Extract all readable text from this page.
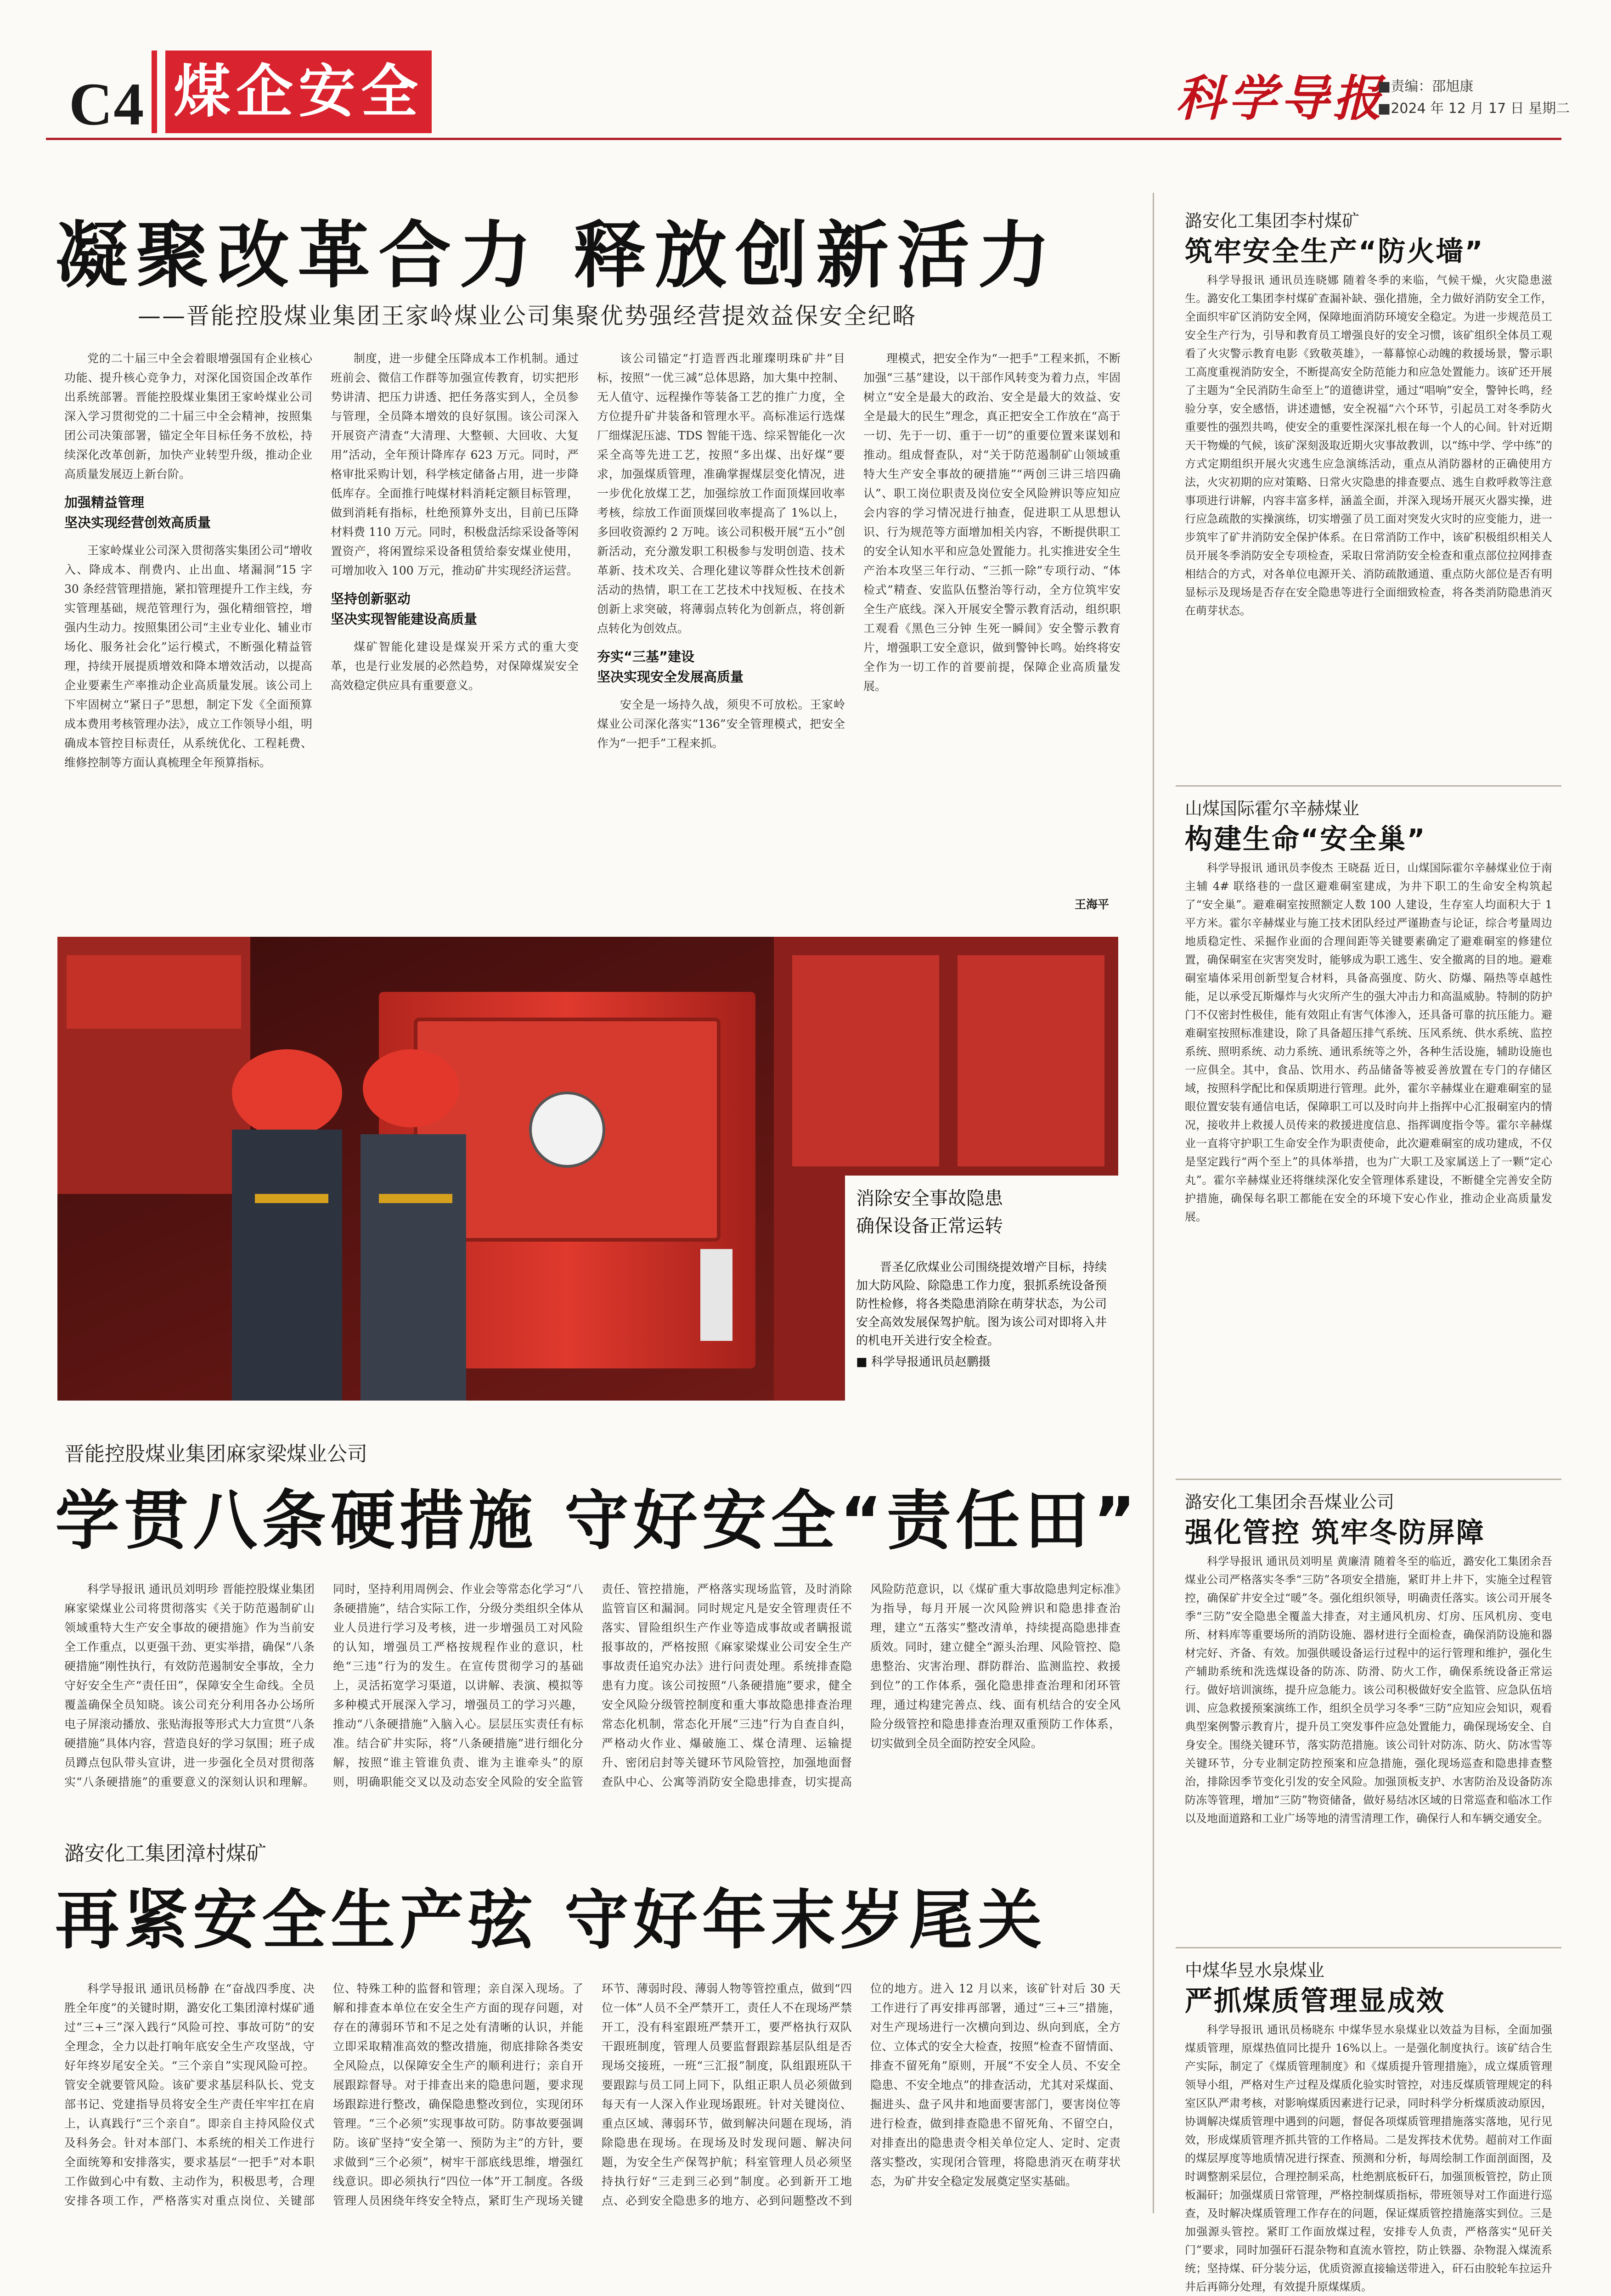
C4 煤企安全	科学导报
■责编：邵旭康
■2024 年 12 月 17 日 星期二
凝聚改革合力 释放创新活力
——晋能控股煤业集团王家岭煤业公司集聚优势强经营提效益保安全纪略

党的二十届三中全会着眼增强国有企业核心功能、提升核心竞争力，对深化国资国企改革作出系统部署。晋能控股煤业集团王家岭煤业公司深入学习贯彻党的二十届三中全会精神，按照集团公司决策部署，锚定全年目标任务不放松，持续深化改革创新，加快产业转型升级，推动企业高质量发展迈上新台阶。

加强精益管理
坚决实现经营创效高质量

王家岭煤业公司深入贯彻落实集团公司“增收入、降成本、削费内、止出血、堵漏洞”15 字 30 条经营管理措施，紧扣管理提升工作主线，夯实管理基础，规范管理行为，强化精细管控，增强内生动力。按照集团公司“主业专业化、辅业市场化、服务社会化”运行模式，不断强化精益管理，持续开展提质增效和降本增效活动，以提高企业要素生产率推动企业高质量发展。该公司上下牢固树立“紧日子”思想，制定下发《全面预算成本费用考核管理办法》，成立工作领导小组，明确成本管控目标责任，从系统优化、工程耗费、维修控制等方面认真梳理全年预算指标。

制度，进一步健全压降成本工作机制。通过班前会、微信工作群等加强宣传教育，切实把形势讲清、把压力讲透、把任务落实到人，全员参与管理，全员降本增效的良好氛围。该公司深入开展资产清查“大清理、大整顿、大回收、大复用”活动，全年预计降库存 623 万元。同时，严格审批采购计划，科学核定储备占用，进一步降低库存。全面推行吨煤材料消耗定额目标管理，做到消耗有指标，杜绝预算外支出，目前已压降材料费 110 万元。同时，积极盘活综采设备等闲置资产，将闲置综采设备租赁给泰安煤业使用，可增加收入 100 万元，推动矿井实现经济运营。

坚持创新驱动
坚决实现智能建设高质量

煤矿智能化建设是煤炭开采方式的重大变革，也是行业发展的必然趋势，对保障煤炭安全高效稳定供应具有重要意义。

该公司锚定“打造晋西北璀璨明珠矿井”目标，按照“一优三减”总体思路，加大集中控制、无人值守、远程操作等装备工艺的推广力度，全方位提升矿井装备和管理水平。高标准运行选煤厂细煤泥压滤、TDS 智能干选、综采智能化一次采全高等先进工艺，按照“多出煤、出好煤”要求，加强煤质管理，准确掌握煤层变化情况，进一步优化放煤工艺，加强综放工作面顶煤回收率考核，综放工作面顶煤回收率提高了 1%以上，多回收资源约 2 万吨。该公司积极开展“五小”创新活动，充分激发职工积极参与发明创造、技术革新、技术攻关、合理化建议等群众性技术创新活动的热情，职工在工艺技术中找短板、在技术创新上求突破，将薄弱点转化为创新点，将创新点转化为创效点。

夯实“三基”建设
坚决实现安全发展高质量

安全是一场持久战，须臾不可放松。王家岭煤业公司深化落实“136”安全管理模式，把安全作为“一把手”工程来抓。

理模式，把安全作为“一把手”工程来抓，不断加强“三基”建设，以干部作风转变为着力点，牢固树立“安全是最大的政治、安全是最大的效益、安全是最大的民生”理念，真正把安全工作放在“高于一切、先于一切、重于一切”的重要位置来谋划和推动。组成督查队，对“关于防范遏制矿山领域重特大生产安全事故的硬措施”“两创三讲三培四确认”、职工岗位职责及岗位安全风险辨识等应知应会内容的学习情况进行抽查，促进职工从思想认识、行为规范等方面增加相关内容，不断提供职工的安全认知水平和应急处置能力。扎实推进安全生产治本攻坚三年行动、“三抓一除”专项行动、“体检式”精查、安监队伍整治等行动，全方位筑牢安全生产底线。深入开展安全警示教育活动，组织职工观看《黑色三分钟 生死一瞬间》安全警示教育片，增强职工安全意识，做到警钟长鸣。始终将安全作为一切工作的首要前提，保障企业高质量发展。

王海平
消除安全事故隐患
确保设备正常运转
晋圣亿欣煤业公司围绕提效增产目标，持续加大防风险、除隐患工作力度，狠抓系统设备预防性检修，将各类隐患消除在萌芽状态，为公司安全高效发展保驾护航。图为该公司对即将入井的机电开关进行安全检查。
■ 科学导报通讯员赵鹏摄
晋能控股煤业集团麻家梁煤业公司
学贯八条硬措施 守好安全“责任田”

科学导报讯 通讯员刘明珍 晋能控股煤业集团麻家梁煤业公司将贯彻落实《关于防范遏制矿山领域重特大生产安全事故的硬措施》作为当前安全工作重点，以更强干劲、更实举措，确保“八条硬措施”刚性执行，有效防范遏制安全事故，全力守好安全生产“责任田”，保障安全生命线。全员覆盖确保全员知晓。该公司充分利用各办公场所电子屏滚动播放、张贴海报等形式大力宣贯“八条硬措施”具体内容，营造良好的学习氛围；班子成员蹲点包队带头宣讲，进一步强化全员对贯彻落实“八条硬措施”的重要意义的深刻认识和理解。同时，坚持利用周例会、作业会等常态化学习“八条硬措施”，结合实际工作，分级分类组织全体从业人员进行学习及考核，进一步增强员工对风险的认知，增强员工严格按规程作业的意识，杜绝“三违”行为的发生。在宣传贯彻学习的基础上，灵活拓宽学习渠道，以讲解、表演、模拟等多种模式开展深入学习，增强员工的学习兴趣，推动“八条硬措施”入脑入心。层层压实责任有标准。结合矿井实际，将“八条硬措施”进行细化分解，按照“谁主管谁负责、谁为主谁牵头”的原则，明确职能交叉以及动态安全风险的安全监管责任、管控措施，严格落实现场监管，及时消除监管盲区和漏洞。同时规定凡是安全管理责任不落实、冒险组织生产作业等造成事故或者瞒报谎报事故的，严格按照《麻家梁煤业公司安全生产事故责任追究办法》进行问责处理。系统排查隐患有力度。该公司按照“八条硬措施”要求，健全安全风险分级管控制度和重大事故隐患排查治理常态化机制，常态化开展“三违”行为自查自纠，严格动火作业、爆破施工、煤仓清理、运输提升、密闭启封等关键环节风险管控，加强地面督查队中心、公寓等消防安全隐患排查，切实提高风险防范意识，以《煤矿重大事故隐患判定标准》为指导，每月开展一次风险辨识和隐患排查治理，建立“五落实”整改清单，持续提高隐患排查质效。同时，建立健全“源头治理、风险管控、隐患整治、灾害治理、群防群治、监测监控、救援到位”的工作体系，强化隐患排查治理和闭环管理，通过构建完善点、线、面有机结合的安全风险分级管控和隐患排查治理双重预防工作体系，切实做到全员全面防控安全风险。

潞安化工集团漳村煤矿
再紧安全生产弦 守好年末岁尾关

科学导报讯 通讯员杨静 在“奋战四季度、决胜全年度”的关键时期，潞安化工集团漳村煤矿通过“三+三”深入践行“风险可控、事故可防”的安全理念，全力以赴打响年底安全生产攻坚战，守好年终岁尾安全关。“三个亲自”实现风险可控。管安全就要管风险。该矿要求基层科队长、党支部书记、党建指导员将安全生产责任牢牢扛在肩上，认真践行“三个亲自”。即亲自主持风险仪式及科务会。针对本部门、本系统的相关工作进行全面统筹和安排落实，要求基层“一把手”对本职工作做到心中有数、主动作为，积极思考，合理安排各项工作，严格落实对重点岗位、关键部位、特殊工种的监督和管理；亲自深入现场。了解和排查本单位在安全生产方面的现存问题，对存在的薄弱环节和不足之处有清晰的认识，并能立即采取精准高效的整改措施，彻底排除各类安全风险点，以保障安全生产的顺利进行；亲自开展跟踪督导。对于排查出来的隐患问题，要求现场跟踪进行整改，确保隐患整改到位，实现闭环管理。“三个必须”实现事故可防。防事故要强调防。该矿坚持“安全第一、预防为主”的方针，要求做到“三个必须”，树牢干部底线思维，增强红线意识。即必须执行“四位一体”开工制度。各级管理人员困绕年终安全特点，紧盯生产现场关键环节、薄弱时段、薄弱人物等管控重点，做到“四位一体”人员不全严禁开工，责任人不在现场严禁开工，没有科室跟班严禁开工，要严格执行双队干跟班制度，管理人员要监督跟踪基层队组是否现场交接班，一班“三汇报”制度，队组跟班队干要跟踪与员工同上同下，队组正职人员必须做到每天有一人深入作业现场跟班。针对关键岗位、重点区域、薄弱环节，做到解决问题在现场，消除隐患在现场。在现场及时发现问题、解决问题，为安全生产保驾护航；科室管理人员必须坚持执行好“三走到三必到”制度。必到新开工地点、必到安全隐患多的地方、必到问题整改不到位的地方。进入 12 月以来，该矿针对后 30 天工作进行了再安排再部署，通过“三+三”措施，对生产现场进行一次横向到边、纵向到底，全方位、立体式的安全大检查，按照“检查不留情面、排查不留死角”原则，开展“不安全人员、不安全隐患、不安全地点”的排查活动，尤其对采煤面、掘进头、盘子风井和地面要害部门，要害岗位等进行检查，做到排查隐患不留死角、不留空白，对排查出的隐患责令相关单位定人、定时、定责落实整改，实现闭合管理，将隐患消灭在萌芽状态，为矿井安全稳定发展奠定坚实基础。

潞安化工集团李村煤矿
筑牢安全生产“防火墙”

科学导报讯 通讯员连晓娜 随着冬季的来临，气候干燥，火灾隐患滋生。潞安化工集团李村煤矿查漏补缺、强化措施，全力做好消防安全工作，全面织牢矿区消防安全网，保障地面消防环境安全稳定。为进一步规范员工安全生产行为，引导和教育员工增强良好的安全习惯，该矿组织全体员工观看了火灾警示教育电影《致敬英雄》，一幕幕惊心动魄的救援场景，警示职工高度重视消防安全，不断提高安全防范能力和应急处置能力。该矿还开展了主题为“全民消防生命至上”的道德讲堂，通过“唱响”安全，警钟长鸣，经验分享，安全感悟，讲述遗憾，安全祝福“六个环节，引起员工对冬季防火重要性的强烈共鸣，使安全的重要性深深扎根在每一个人的心间。针对近期天干物燥的气候，该矿深刻汲取近期火灾事故教训，以“练中学、学中练”的方式定期组织开展火灾逃生应急演练活动，重点从消防器材的正确使用方法，火灾初期的应对策略、日常火灾隐患的排查要点、逃生自救呼救等注意事项进行讲解，内容丰富多样，涵盖全面，并深入现场开展灭火器实操，进行应急疏散的实操演练，切实增强了员工面对突发火灾时的应变能力，进一步筑牢了矿井消防安全保护体系。在日常消防工作中，该矿积极组织相关人员开展冬季消防安全专项检查，采取日常消防安全检查和重点部位拉网排查相结合的方式，对各单位电源开关、消防疏散通道、重点防火部位是否有明显标示及现场是否存在安全隐患等进行全面细致检查，将各类消防隐患消灭在萌芽状态。

山煤国际霍尔辛赫煤业
构建生命“安全巢”

科学导报讯 通讯员李俊杰 王晓磊 近日，山煤国际霍尔辛赫煤业位于南主辅 4# 联络巷的一盘区避难硐室建成，为井下职工的生命安全构筑起了“安全巢”。避难硐室按照额定人数 100 人建设，生存室人均面积大于 1 平方米。霍尔辛赫煤业与施工技术团队经过严谨勘查与论证，综合考量周边地质稳定性、采掘作业面的合理间距等关键要素确定了避难硐室的修建位置，确保硐室在灾害突发时，能够成为职工逃生、安全撤离的目的地。避难硐室墙体采用创新型复合材料，具备高强度、防火、防爆、隔热等卓越性能，足以承受瓦斯爆炸与火灾所产生的强大冲击力和高温威胁。特制的防护门不仅密封性极佳，能有效阻止有害气体渗入，还具备可靠的抗压能力。避难硐室按照标准建设，除了具备超压排气系统、压风系统、供水系统、监控系统、照明系统、动力系统、通讯系统等之外，各种生活设施，辅助设施也一应俱全。其中，食品、饮用水、药品储备等被妥善放置在专门的存储区域，按照科学配比和保质期进行管理。此外，霍尔辛赫煤业在避难硐室的显眼位置安装有通信电话，保障职工可以及时向井上指挥中心汇报硐室内的情况，接收井上救援人员传来的救援进度信息、指挥调度指令等。霍尔辛赫煤业一直将守护职工生命安全作为职责使命，此次避难硐室的成功建成，不仅是坚定践行“两个至上”的具体举措，也为广大职工及家属送上了一颗“定心丸”。霍尔辛赫煤业还将继续深化安全管理体系建设，不断健全完善安全防护措施，确保每名职工都能在安全的环境下安心作业，推动企业高质量发展。

潞安化工集团余吾煤业公司
强化管控 筑牢冬防屏障

科学导报讯 通讯员刘明星 黄廉清 随着冬至的临近，潞安化工集团余吾煤业公司严格落实冬季“三防”各项安全措施，紧盯井上井下，实施全过程管控，确保矿井安全过“暖”冬。强化组织领导，明确责任落实。该公司开展冬季“三防”安全隐患全覆盖大排查，对主通风机房、灯房、压风机房、变电所、材料库等重要场所的消防设施、器材进行全面检查，确保消防设施和器材完好、齐备、有效。加强供暖设备运行过程中的运行管理和维护，强化生产辅助系统和洗选煤设备的防冻、防滑、防火工作，确保系统设备正常运行。做好培训演练，提升应急能力。该公司积极做好安全监管、应急队伍培训、应急救援预案演练工作，组织全员学习冬季“三防”应知应会知识，观看典型案例警示教育片，提升员工突发事件应急处置能力，确保现场安全、自身安全。围绕关键环节，落实防范措施。该公司针对防冻、防火、防冰雪等关键环节，分专业制定防控预案和应急措施，强化现场巡查和隐患排查整治，排除因季节变化引发的安全风险。加强顶板支护、水害防治及设备防冻防冻等管理，增加“三防”物资储备，做好易结冰区域的日常巡查和临冰工作以及地面道路和工业广场等地的清雪清理工作，确保行人和车辆交通安全。

中煤华昱水泉煤业
严抓煤质管理显成效

科学导报讯 通讯员杨晓东 中煤华昱水泉煤业以效益为目标，全面加强煤质管理，原煤热值同比提升 16%以上。一是强化制度执行。该矿结合生产实际，制定了《煤质管理制度》和《煤质提升管理措施》，成立煤质管理领导小组，严格对生产过程及煤质化验实时管控，对违反煤质管理规定的科室区队严肃考核，对影响煤质因素进行记录，同时科学分析煤质波动原因，协调解决煤质管理中遇到的问题，督促各项煤质管理措施落实落地，见行见效，形成煤质管理齐抓共管的工作格局。二是发挥技术优势。超前对工作面的煤层厚度等地质情况进行探查、预测和分析，每周绘制工作面剖面图，及时调整割采层位，合理控制采高，杜绝割底板矸石，加强顶板管控，防止顶板漏矸；加强煤质日常管理，严格控制煤质指标，带班领导对工作面进行巡查，及时解决煤质管理工作存在的问题，保证煤质管控措施落实到位。三是加强源头管控。紧盯工作面放煤过程，安排专人负责，严格落实“见矸关门”要求，同时加强矸石混杂物和直流水管控，防止铁器、杂物混入煤流系统；坚持煤、矸分装分运，优质资源直接输送带进入，矸石由胶轮车拉运升井后再筛分处理，有效提升原煤煤质。
